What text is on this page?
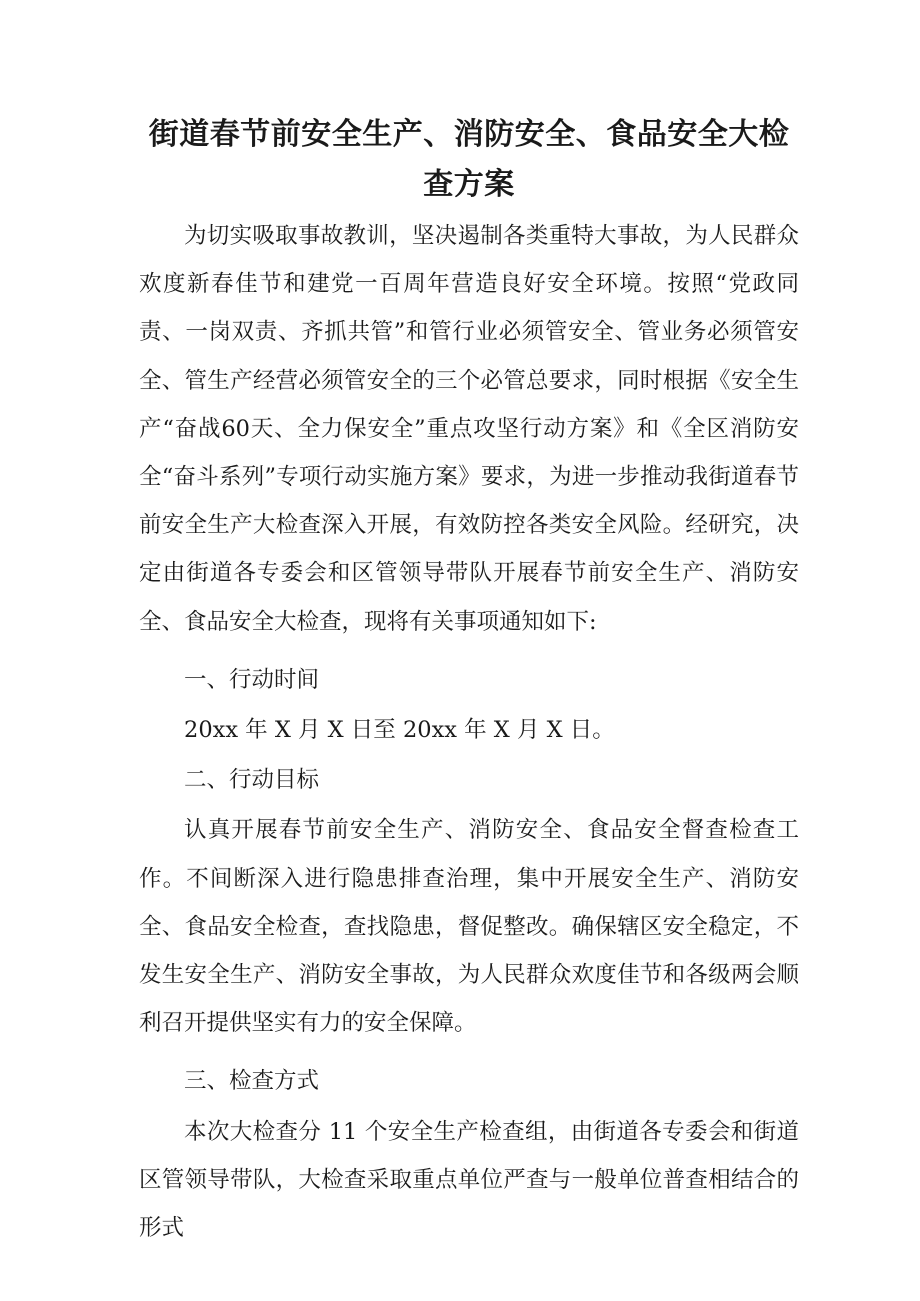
街道春节前安全生产、消防安全、食品安全大检查方案

为切实吸取事故教训，坚决遏制各类重特大事故，为人民群众欢度新春佳节和建党一百周年营造良好安全环境。按照“党政同责、一岗双责、齐抓共管”和管行业必须管安全、管业务必须管安全、管生产经营必须管安全的三个必管总要求，同时根据《安全生产“奋战60天、全力保安全”重点攻坚行动方案》和《全区消防安全“奋斗系列”专项行动实施方案》要求，为进一步推动我街道春节前安全生产大检查深入开展，有效防控各类安全风险。经研究，决定由街道各专委会和区管领导带队开展春节前安全生产、消防安全、食品安全大检查，现将有关事项通知如下:

一、行动时间

20xx 年 X 月 X 日至 20xx 年 X 月 X 日。

二、行动目标

认真开展春节前安全生产、消防安全、食品安全督查检查工作。不间断深入进行隐患排查治理，集中开展安全生产、消防安全、食品安全检查，查找隐患，督促整改。确保辖区安全稳定，不发生安全生产、消防安全事故，为人民群众欢度佳节和各级两会顺利召开提供坚实有力的安全保障。

三、检查方式

本次大检查分 11 个安全生产检查组，由街道各专委会和街道区管领导带队，大检查采取重点单位严查与一般单位普查相结合的形式
